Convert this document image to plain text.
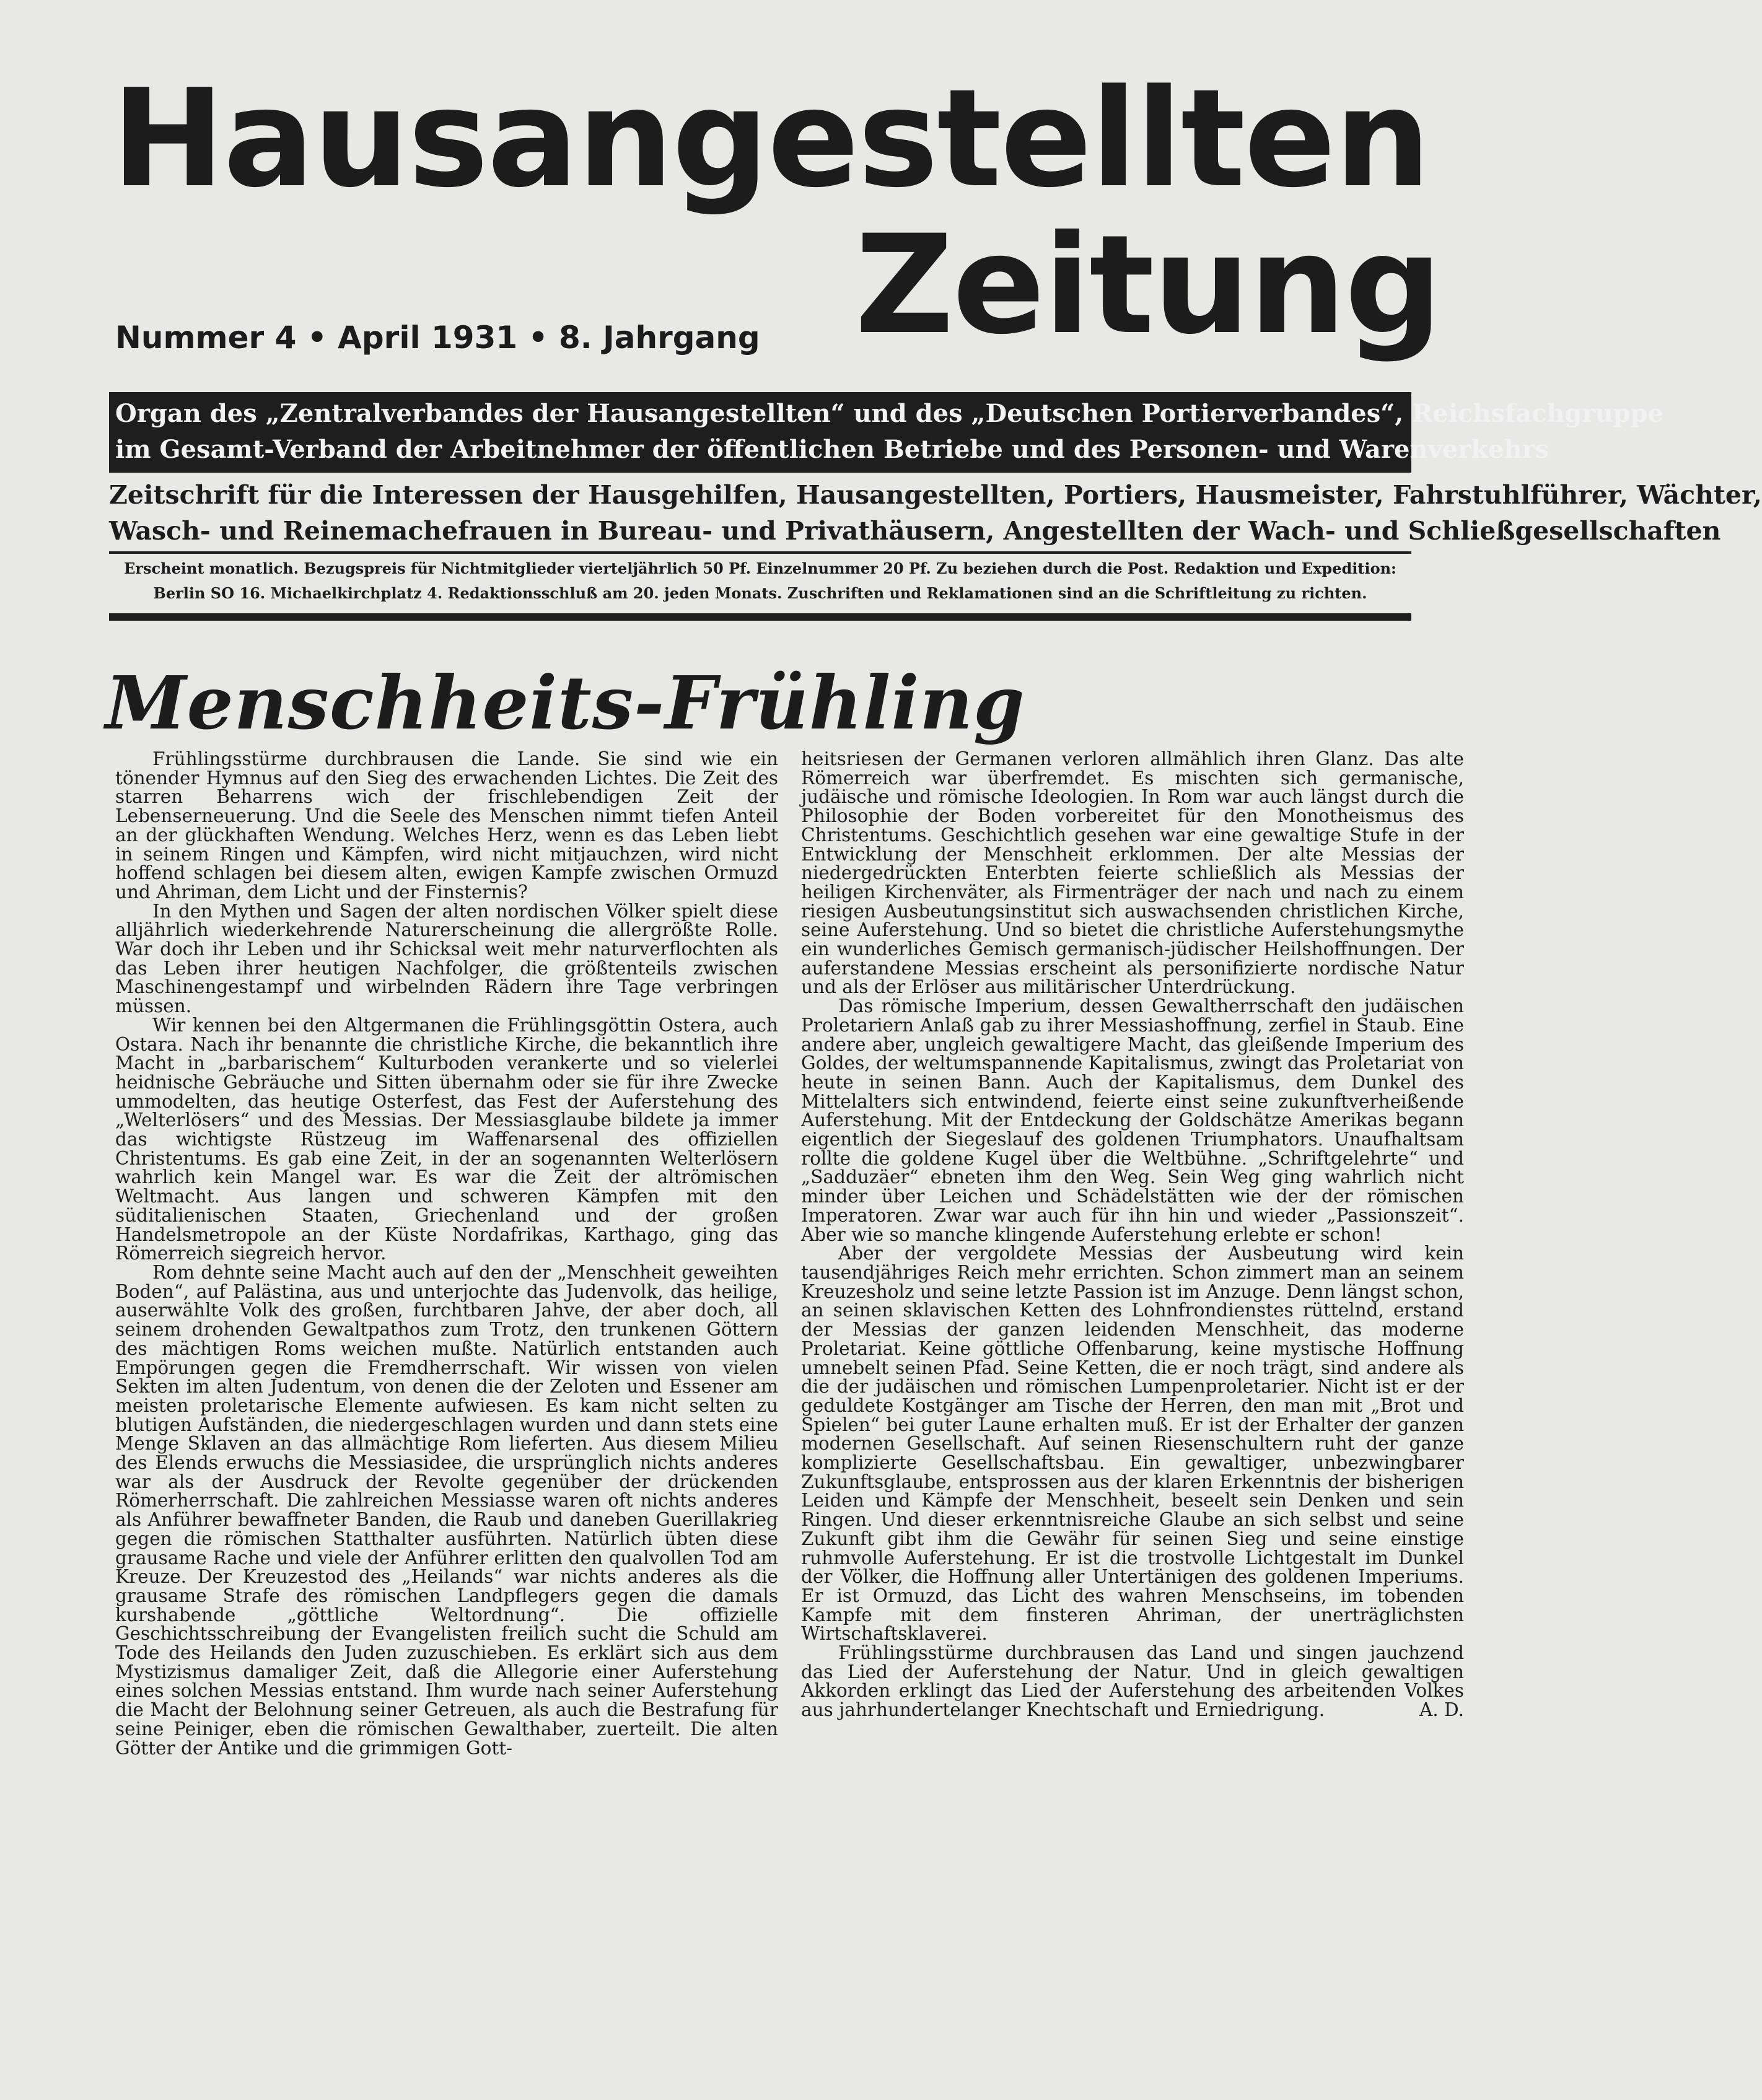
Hausangestellten
Zeitung
Nummer 4 • April 1931 • 8. Jahrgang
Organ des „Zentralverbandes der Hausangestellten“ und des „Deutschen Portierverbandes“, Reichsfachgruppe
im Gesamt-Verband der Arbeitnehmer der öffentlichen Betriebe und des Personen- und Warenverkehrs
Zeitschrift für die Interessen der Hausgehilfen, Hausangestellten, Portiers, Hausmeister, Fahrstuhlführer, Wächter,
Wasch- und Reinemachefrauen in Bureau- und Privathäusern, Angestellten der Wach- und Schließgesellschaften
Erscheint monatlich. Bezugspreis für Nichtmitglieder vierteljährlich 50 Pf. Einzelnummer 20 Pf. Zu beziehen durch die Post. Redaktion und Expedition:
Berlin SO 16. Michaelkirchplatz 4. Redaktionsschluß am 20. jeden Monats. Zuschriften und Reklamationen sind an die Schriftleitung zu richten.
Menschheits-Frühling

Frühlingsstürme durchbrausen die Lande. Sie sind wie ein tönender Hymnus auf den Sieg des erwachenden Lichtes. Die Zeit des starren Beharrens wich der frischlebendigen Zeit der Lebenserneuerung. Und die Seele des Menschen nimmt tiefen Anteil an der glückhaften Wendung. Welches Herz, wenn es das Leben liebt in seinem Ringen und Kämpfen, wird nicht mitjauchzen, wird nicht hoffend schlagen bei diesem alten, ewigen Kampfe zwischen Ormuzd und Ahriman, dem Licht und der Finsternis?

In den Mythen und Sagen der alten nordischen Völker spielt diese alljährlich wiederkehrende Naturerscheinung die allergrößte Rolle. War doch ihr Leben und ihr Schicksal weit mehr naturverflochten als das Leben ihrer heutigen Nachfolger, die größtenteils zwischen Maschinengestampf und wirbelnden Rädern ihre Tage verbringen müssen.

Wir kennen bei den Altgermanen die Frühlingsgöttin Ostera, auch Ostara. Nach ihr benannte die christliche Kirche, die bekanntlich ihre Macht in „barbarischem“ Kulturboden verankerte und so vielerlei heidnische Gebräuche und Sitten übernahm oder sie für ihre Zwecke ummodelten, das heutige Osterfest, das Fest der Auferstehung des „Welterlösers“ und des Messias. Der Messiasglaube bildete ja immer das wichtigste Rüstzeug im Waffenarsenal des offiziellen Christentums. Es gab eine Zeit, in der an sogenannten Welterlösern wahrlich kein Mangel war. Es war die Zeit der altrömischen Weltmacht. Aus langen und schweren Kämpfen mit den süditalienischen Staaten, Griechenland und der großen Handelsmetropole an der Küste Nordafrikas, Karthago, ging das Römerreich siegreich hervor.

Rom dehnte seine Macht auch auf den der „Menschheit geweihten Boden“, auf Palästina, aus und unterjochte das Judenvolk, das heilige, auserwählte Volk des großen, furchtbaren Jahve, der aber doch, all seinem drohenden Gewaltpathos zum Trotz, den trunkenen Göttern des mächtigen Roms weichen mußte. Natürlich entstanden auch Empörungen gegen die Fremdherrschaft. Wir wissen von vielen Sekten im alten Judentum, von denen die der Zeloten und Essener am meisten proletarische Elemente aufwiesen. Es kam nicht selten zu blutigen Aufständen, die niedergeschlagen wurden und dann stets eine Menge Sklaven an das allmächtige Rom lieferten. Aus diesem Milieu des Elends erwuchs die Messiasidee, die ursprünglich nichts anderes war als der Ausdruck der Revolte gegenüber der drückenden Römerherrschaft. Die zahlreichen Messiasse waren oft nichts anderes als Anführer bewaffneter Banden, die Raub und daneben Guerillakrieg gegen die römischen Statthalter ausführten. Natürlich übten diese grausame Rache und viele der Anführer erlitten den qualvollen Tod am Kreuze. Der Kreuzestod des „Heilands“ war nichts anderes als die grausame Strafe des römischen Landpflegers gegen die damals kurshabende „göttliche Weltordnung“. Die offizielle Geschichtsschreibung der Evangelisten freilich sucht die Schuld am Tode des Heilands den Juden zuzuschieben. Es erklärt sich aus dem Mystizismus damaliger Zeit, daß die Allegorie einer Auferstehung eines solchen Messias entstand. Ihm wurde nach seiner Auferstehung die Macht der Belohnung seiner Getreuen, als auch die Bestrafung für seine Peiniger, eben die römischen Gewalthaber, zuerteilt. Die alten Götter der Antike und die grimmigen Gott-

heitsriesen der Germanen verloren allmählich ihren Glanz. Das alte Römerreich war überfremdet. Es mischten sich germanische, judäische und römische Ideologien. In Rom war auch längst durch die Philosophie der Boden vorbereitet für den Monotheismus des Christentums. Geschichtlich gesehen war eine gewaltige Stufe in der Entwicklung der Menschheit erklommen. Der alte Messias der niedergedrückten Enterbten feierte schließlich als Messias der heiligen Kirchenväter, als Firmenträger der nach und nach zu einem riesigen Ausbeutungsinstitut sich auswachsenden christlichen Kirche, seine Auferstehung. Und so bietet die christliche Auferstehungsmythe ein wunderliches Gemisch germanisch-jüdischer Heilshoffnungen. Der auferstandene Messias erscheint als personifizierte nordische Natur und als der Erlöser aus militärischer Unterdrückung.

Das römische Imperium, dessen Gewaltherrschaft den judäischen Proletariern Anlaß gab zu ihrer Messiashoffnung, zerfiel in Staub. Eine andere aber, ungleich gewaltigere Macht, das gleißende Imperium des Goldes, der weltumspannende Kapitalismus, zwingt das Proletariat von heute in seinen Bann. Auch der Kapitalismus, dem Dunkel des Mittelalters sich entwindend, feierte einst seine zukunftverheißende Auferstehung. Mit der Entdeckung der Goldschätze Amerikas begann eigentlich der Siegeslauf des goldenen Triumphators. Unaufhaltsam rollte die goldene Kugel über die Weltbühne. „Schriftgelehrte“ und „Sadduzäer“ ebneten ihm den Weg. Sein Weg ging wahrlich nicht minder über Leichen und Schädelstätten wie der der römischen Imperatoren. Zwar war auch für ihn hin und wieder „Passionszeit“. Aber wie so manche klingende Auferstehung erlebte er schon!

Aber der vergoldete Messias der Ausbeutung wird kein tausendjähriges Reich mehr errichten. Schon zimmert man an seinem Kreuzesholz und seine letzte Passion ist im Anzuge. Denn längst schon, an seinen sklavischen Ketten des Lohnfrondienstes rüttelnd, erstand der Messias der ganzen leidenden Menschheit, das moderne Proletariat. Keine göttliche Offenbarung, keine mystische Hoffnung umnebelt seinen Pfad. Seine Ketten, die er noch trägt, sind andere als die der judäischen und römischen Lumpenproletarier. Nicht ist er der geduldete Kostgänger am Tische der Herren, den man mit „Brot und Spielen“ bei guter Laune erhalten muß. Er ist der Erhalter der ganzen modernen Gesellschaft. Auf seinen Riesenschultern ruht der ganze komplizierte Gesellschaftsbau. Ein gewaltiger, unbezwingbarer Zukunftsglaube, entsprossen aus der klaren Erkenntnis der bisherigen Leiden und Kämpfe der Menschheit, beseelt sein Denken und sein Ringen. Und dieser erkenntnisreiche Glaube an sich selbst und seine Zukunft gibt ihm die Gewähr für seinen Sieg und seine einstige ruhmvolle Auferstehung. Er ist die trostvolle Lichtgestalt im Dunkel der Völker, die Hoffnung aller Untertänigen des goldenen Imperiums. Er ist Ormuzd, das Licht des wahren Menschseins, im tobenden Kampfe mit dem finsteren Ahriman, der unerträglichsten Wirtschaftsklaverei.

Frühlingsstürme durchbrausen das Land und singen jauchzend das Lied der Auferstehung der Natur. Und in gleich gewaltigen Akkorden erklingt das Lied der Auferstehung des arbeitenden Volkes aus jahrhundertelanger Knechtschaft und Erniedrigung.	A. D.
